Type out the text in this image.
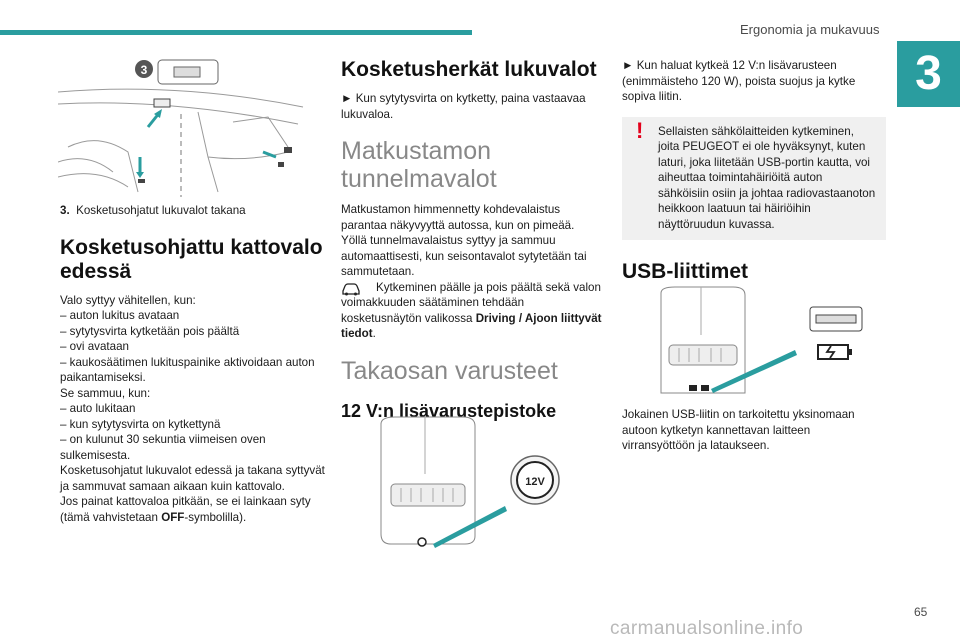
Ergonomia ja mukavuus
3
3

3. Kosketusohjatut lukuvalot takana

Kosketusohjattu kattovalo edessä

Valo syttyy vähitellen, kun:

– auton lukitus avataan

– sytytysvirta kytketään pois päältä

– ovi avataan

– kaukosäätimen lukituspainike aktivoidaan auton paikantamiseksi.

Se sammuu, kun:

– auto lukitaan

– kun sytytysvirta on kytkettynä

– on kulunut 30 sekuntia viimeisen oven sulkemisesta.

Kosketusohjatut lukuvalot edessä ja takana syttyvät ja sammuvat samaan aikaan kuin kattovalo.

Jos painat kattovaloa pitkään, se ei lainkaan syty (tämä vahvistetaan OFF-symbolilla).

Kosketusherkät lukuvalot

► Kun sytytysvirta on kytketty, paina vastaavaa lukuvaloa.

Matkustamon tunnelmavalot

Matkustamon himmennetty kohdevalaistus parantaa näkyvyyttä autossa, kun on pimeää. Yöllä tunnelmavalaistus syttyy ja sammuu automaattisesti, kun seisontavalot sytytetään tai sammutetaan.

Kytkeminen päälle ja pois päältä sekä valon voimakkuuden säätäminen tehdään kosketusnäytön valikossa Driving / Ajoon liittyvät tiedot.

Takaosan varusteet
12 V:n lisävarustepistoke
12V

► Kun haluat kytkeä 12 V:n lisävarusteen (enimmäisteho 120 W), poista suojus ja kytke sopiva liitin.

! Sellaisten sähkölaitteiden kytkeminen, joita PEUGEOT ei ole hyväksynyt, kuten laturi, joka liitetään USB-portin kautta, voi aiheuttaa toimintahäiriöitä auton sähköisiin osiin ja johtaa radiovastaanoton heikkoon laatuun tai häiriöihin näyttöruudun kuvassa.

USB-liittimet

Jokainen USB-liitin on tarkoitettu yksinomaan autoon kytketyn kannettavan laitteen virransyöttöön ja lataukseen.

65
carmanualsonline.info
